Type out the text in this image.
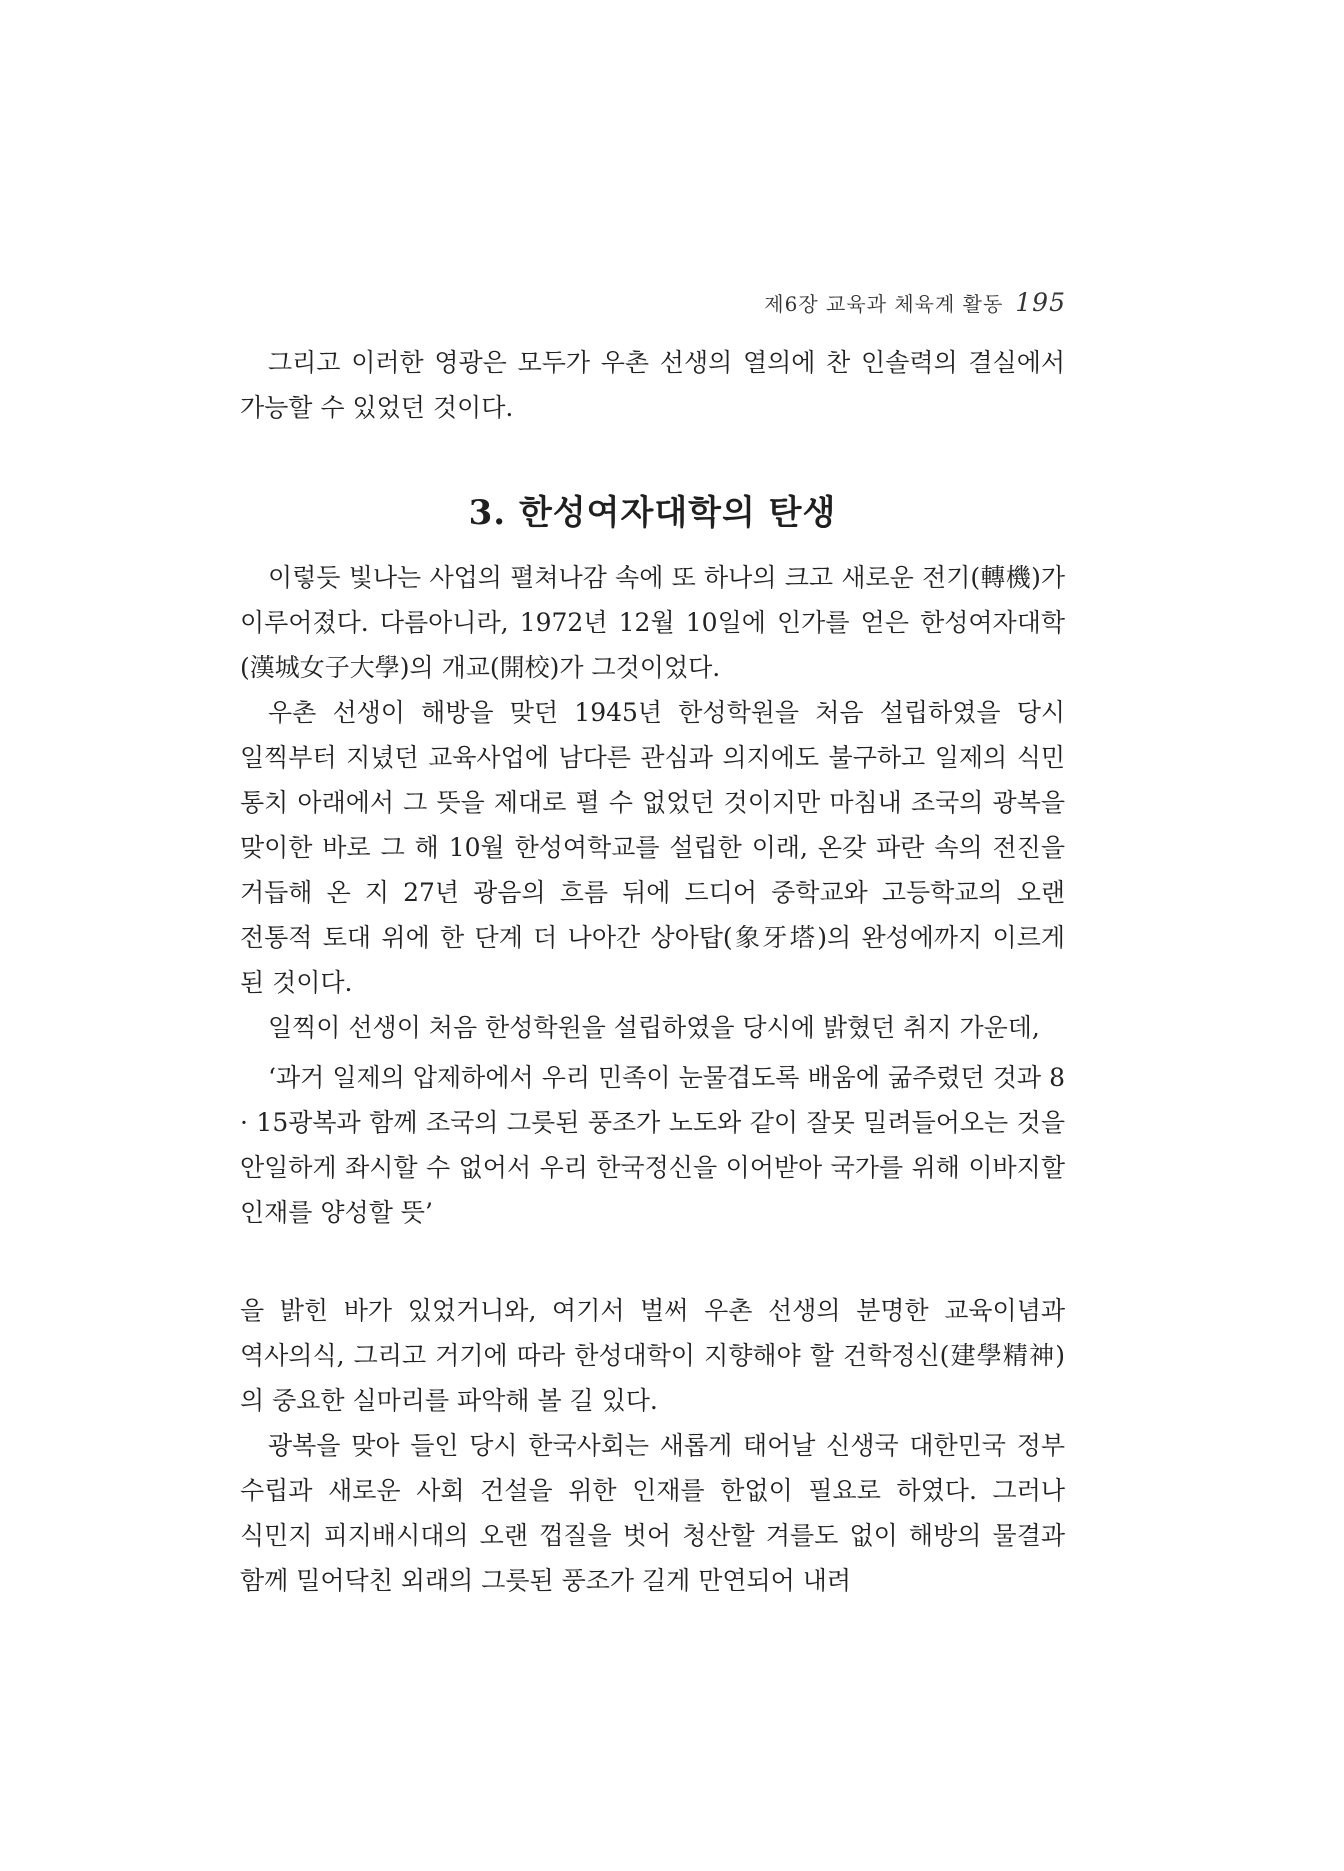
제6장 교육과 체육계 활동 195

그리고 이러한 영광은 모두가 우촌 선생의 열의에 찬 인솔력의 결실에서 가능할 수 있었던 것이다.

3. 한성여자대학의 탄생

이렇듯 빛나는 사업의 펼쳐나감 속에 또 하나의 크고 새로운 전기(轉機)가 이루어졌다. 다름아니라, 1972년 12월 10일에 인가를 얻은 한성여자대학(漢城女子大學)의 개교(開校)가 그것이었다.

우촌 선생이 해방을 맞던 1945년 한성학원을 처음 설립하였을 당시 일찍부터 지녔던 교육사업에 남다른 관심과 의지에도 불구하고 일제의 식민 통치 아래에서 그 뜻을 제대로 펼 수 없었던 것이지만 마침내 조국의 광복을 맞이한 바로 그 해 10월 한성여학교를 설립한 이래, 온갖 파란 속의 전진을 거듭해 온 지 27년 광음의 흐름 뒤에 드디어 중학교와 고등학교의 오랜 전통적 토대 위에 한 단계 더 나아간 상아탑(象牙塔)의 완성에까지 이르게 된 것이다.

일찍이 선생이 처음 한성학원을 설립하였을 당시에 밝혔던 취지 가운데,

‘과거 일제의 압제하에서 우리 민족이 눈물겹도록 배움에 굶주렸던 것과 8 · 15광복과 함께 조국의 그릇된 풍조가 노도와 같이 잘못 밀려들어오는 것을 안일하게 좌시할 수 없어서 우리 한국정신을 이어받아 국가를 위해 이바지할 인재를 양성할 뜻’

을 밝힌 바가 있었거니와, 여기서 벌써 우촌 선생의 분명한 교육이념과 역사의식, 그리고 거기에 따라 한성대학이 지향해야 할 건학정신(建學精神)의 중요한 실마리를 파악해 볼 길 있다.

광복을 맞아 들인 당시 한국사회는 새롭게 태어날 신생국 대한민국 정부 수립과 새로운 사회 건설을 위한 인재를 한없이 필요로 하였다. 그러나 식민지 피지배시대의 오랜 껍질을 벗어 청산할 겨를도 없이 해방의 물결과 함께 밀어닥친 외래의 그릇된 풍조가 길게 만연되어 내려
